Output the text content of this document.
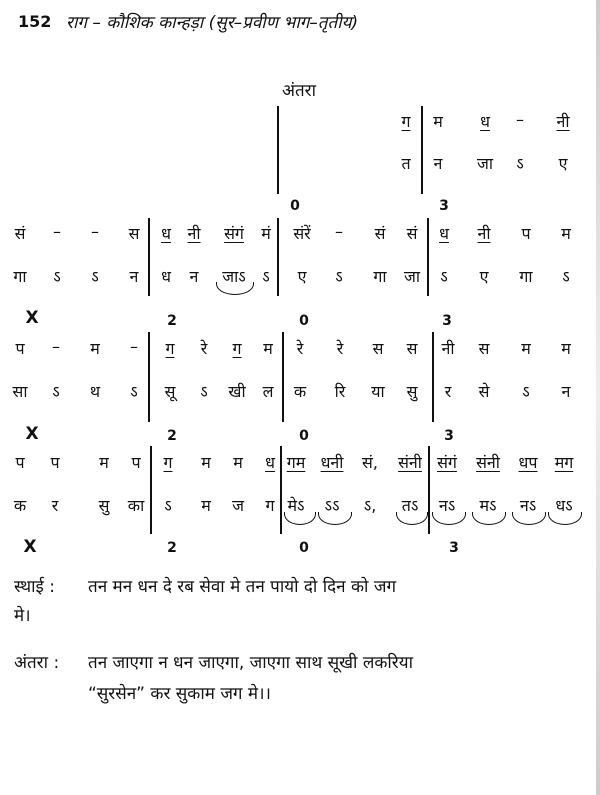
152 राग – कौशिक कान्हड़ा (सुर–प्रवीण भाग–तृतीय)
अंतरा
ग म ध – नी
त न जा ऽ ए
0	3
सं – – स ध नी संगं मं संरें – सं सं ध नी प म
गा ऽ ऽ न ध न जाऽ ऽ ए ऽ गा जा ऽ ए गा ऽ
X	2	0	3
प – म – ग रे ग म रे रे स स नी स म म
सा ऽ थ ऽ सू ऽ खी ल क रि या सु र से ऽ न
X	2	0	3
प प म प ग म म ध गम धनी सं, संनी संगं संनी धप मग
क र	सु का ऽ म ज ग मेऽ ऽऽ ऽ, तऽ नऽ मऽ नऽ धऽ
X	2	0	3
स्थाई : तन मन धन दे रब सेवा मे तन पायो दो दिन को जग
मे।
अंतरा : तन जाएगा न धन जाएगा, जाएगा साथ सूखी लकरिया
“सुरसेन” कर सुकाम जग मे।।
